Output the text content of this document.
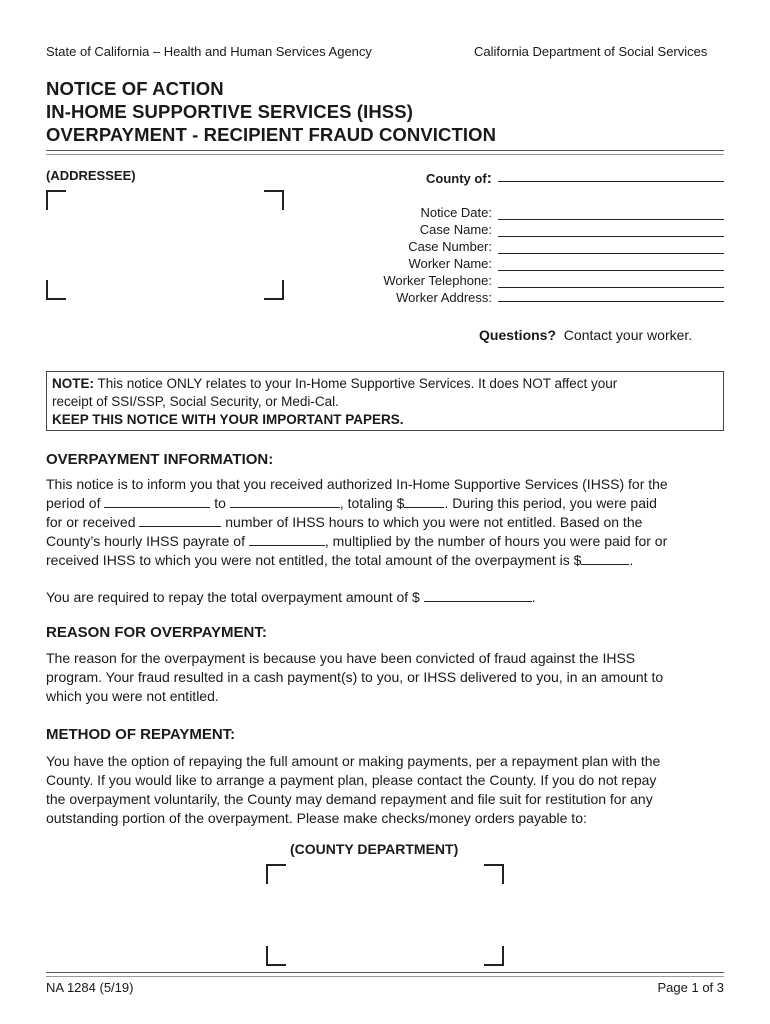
State of California – Health and Human Services Agency	California Department of Social Services
NOTICE OF ACTION
IN-HOME SUPPORTIVE SERVICES (IHSS)
OVERPAYMENT - RECIPIENT FRAUD CONVICTION
(ADDRESSEE)	County of:
Notice Date:
Case Name:
Case Number:
Worker Name:
Worker Telephone:
Worker Address:
Questions? Contact your worker.
NOTE: This notice ONLY relates to your In-Home Supportive Services. It does NOT affect your
receipt of SSI/SSP, Social Security, or Medi-Cal.
KEEP THIS NOTICE WITH YOUR IMPORTANT PAPERS.
OVERPAYMENT INFORMATION:
This notice is to inform you that you received authorized In-Home Supportive Services (IHSS) for the
period of	to	, totaling $	. During this period, you were paid
for or received	number of IHSS hours to which you were not entitled. Based on the
County’s hourly IHSS payrate of	, multiplied by the number of hours you were paid for or
received IHSS to which you were not entitled, the total amount of the overpayment is $	.
You are required to repay the total overpayment amount of $	.
REASON FOR OVERPAYMENT:
The reason for the overpayment is because you have been convicted of fraud against the IHSS
program. Your fraud resulted in a cash payment(s) to you, or IHSS delivered to you, in an amount to
which you were not entitled.
METHOD OF REPAYMENT:
You have the option of repaying the full amount or making payments, per a repayment plan with the
County. If you would like to arrange a payment plan, please contact the County. If you do not repay
the overpayment voluntarily, the County may demand repayment and file suit for restitution for any
outstanding portion of the overpayment. Please make checks/money orders payable to:
(COUNTY DEPARTMENT)
NA 1284 (5/19)	Page 1 of 3
